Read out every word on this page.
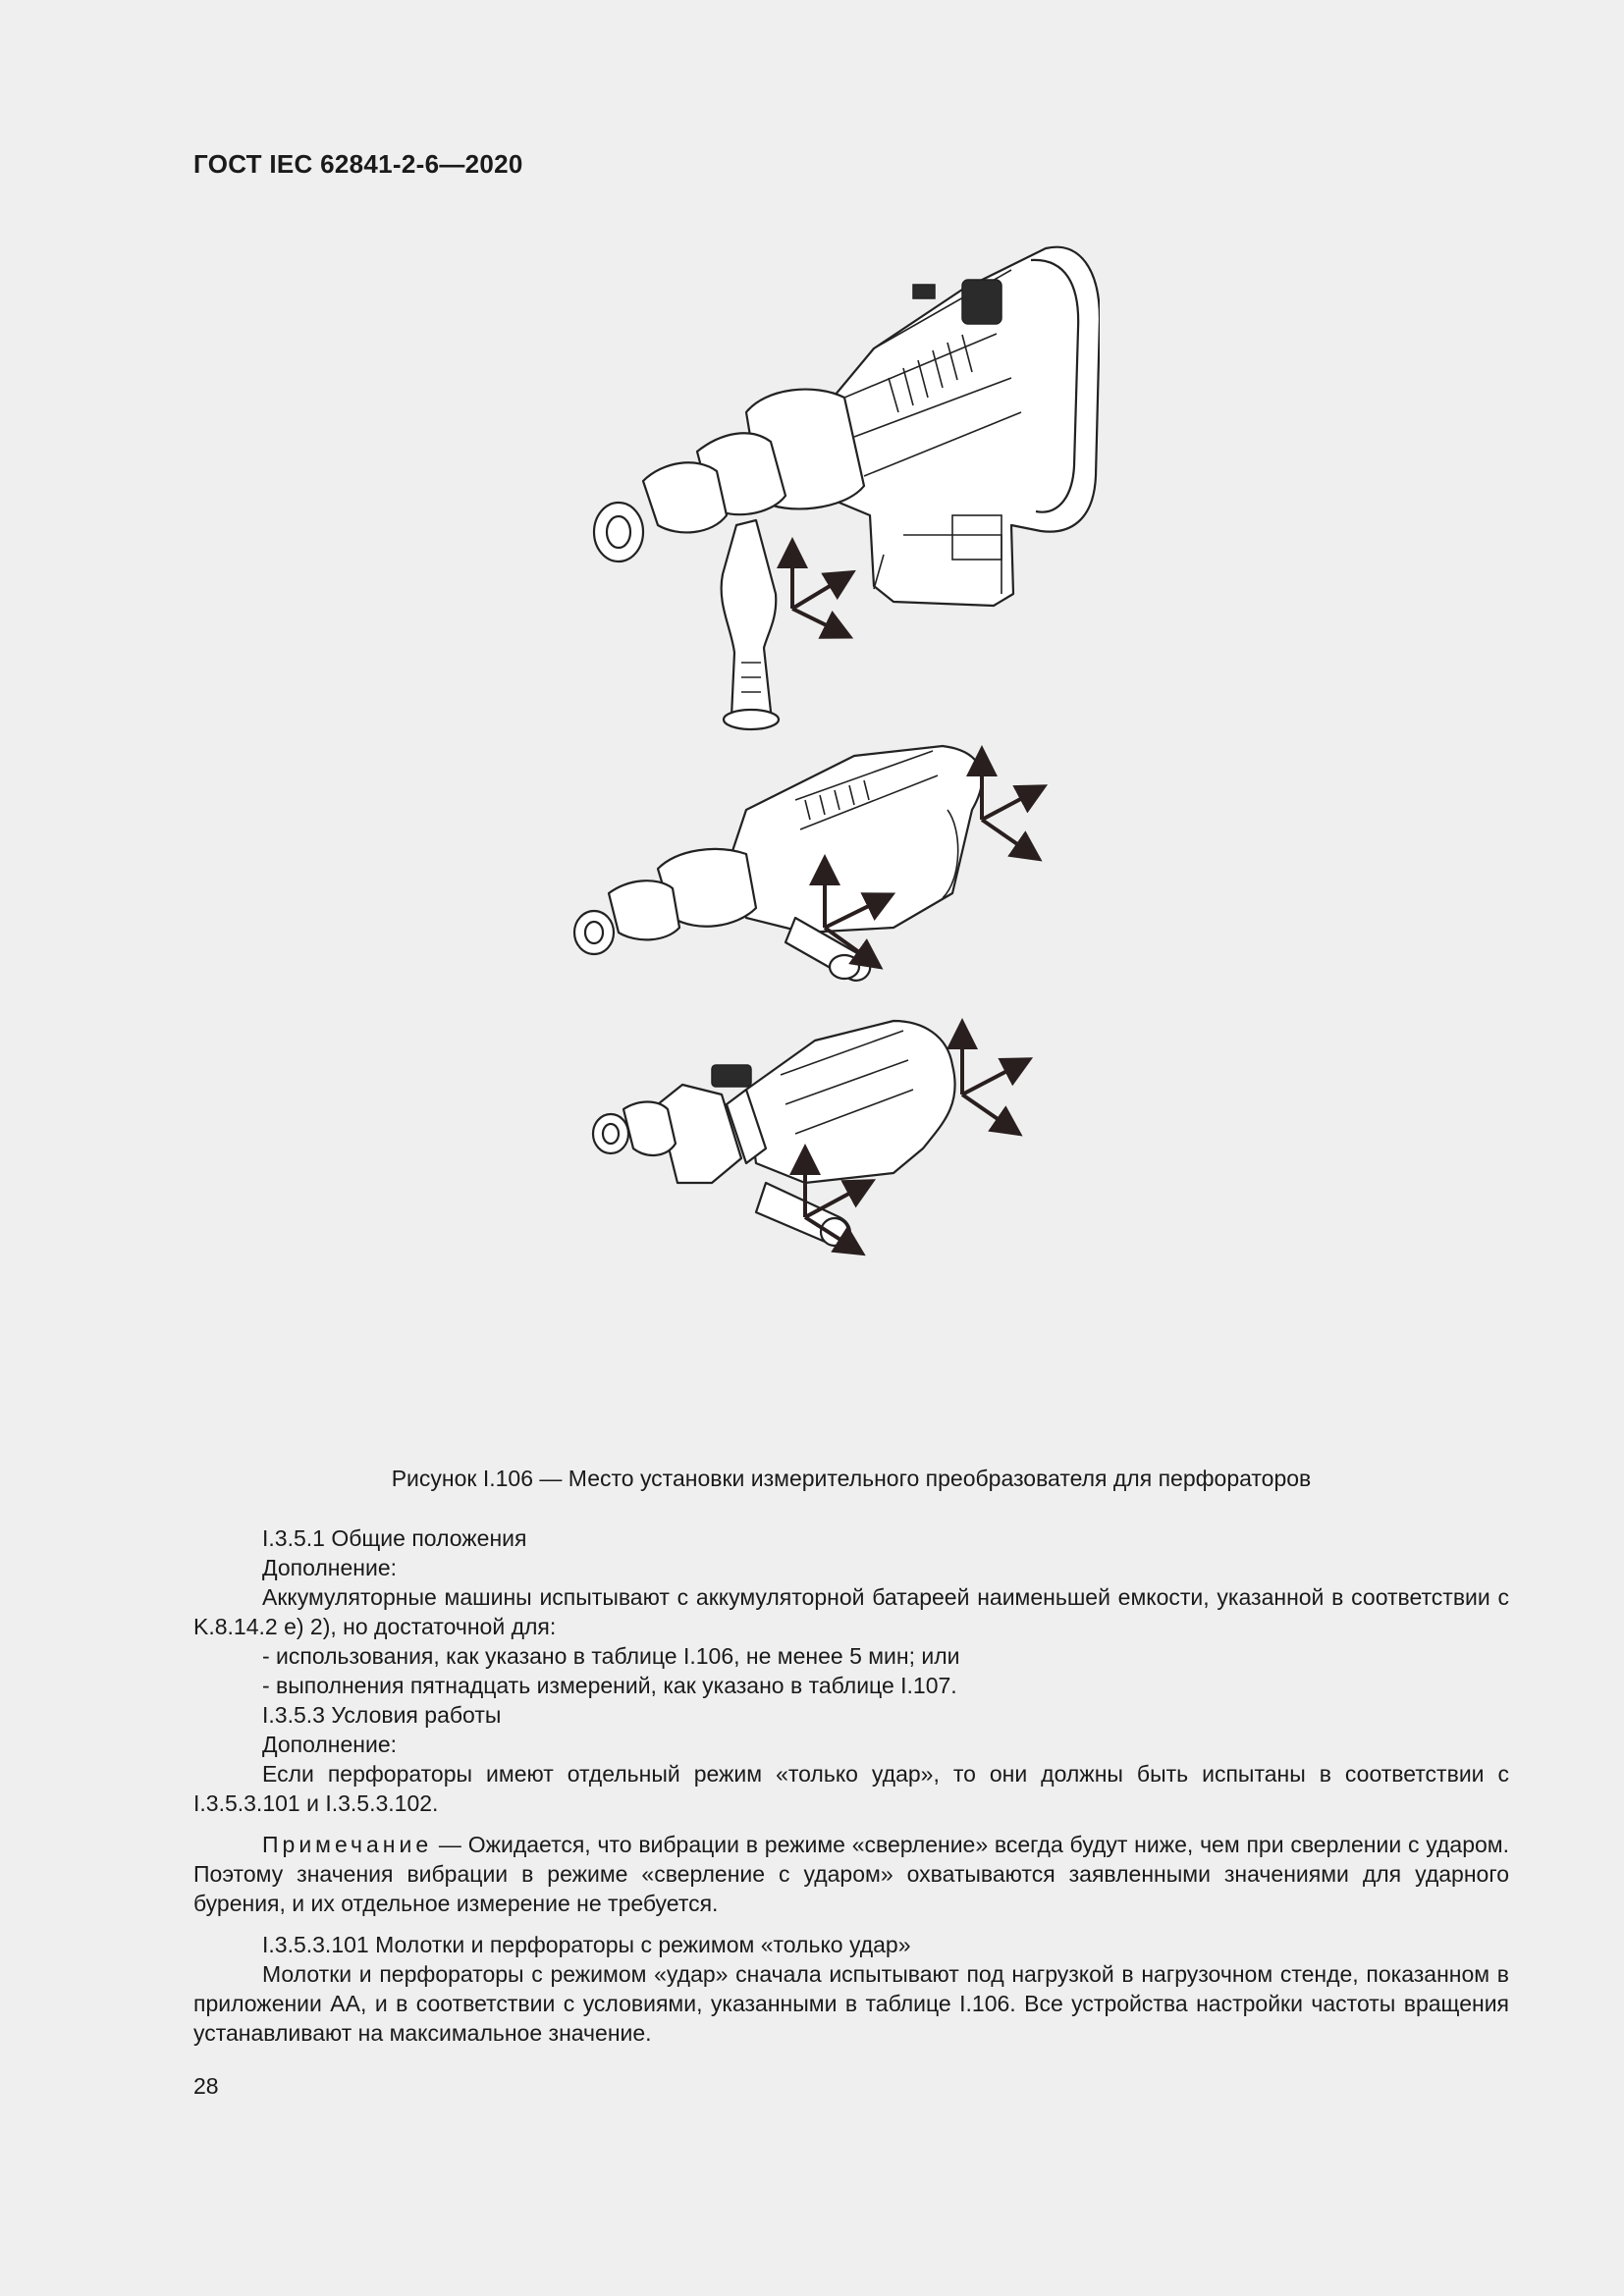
ГОСТ IEC 62841-2-6—2020
Рисунок I.106 — Место установки измерительного преобразователя для перфораторов

I.3.5.1 Общие положения

Дополнение:

Аккумуляторные машины испытывают с аккумуляторной батареей наименьшей емкости, указанной в соответствии с K.8.14.2 е) 2), но достаточной для:

- использования, как указано в таблице I.106, не менее 5 мин; или

- выполнения пятнадцать измерений, как указано в таблице I.107.

I.3.5.3 Условия работы

Дополнение:

Если перфораторы имеют отдельный режим «только удар», то они должны быть испытаны в соответствии с I.3.5.3.101 и I.3.5.3.102.

Примечание — Ожидается, что вибрации в режиме «сверление» всегда будут ниже, чем при сверлении с ударом. Поэтому значения вибрации в режиме «сверление с ударом» охватываются заявленными значениями для ударного бурения, и их отдельное измерение не требуется.

I.3.5.3.101 Молотки и перфораторы с режимом «только удар»

Молотки и перфораторы с режимом «удар» сначала испытывают под нагрузкой в нагрузочном стенде, показанном в приложении АА, и в соответствии с условиями, указанными в таблице I.106. Все устройства настройки частоты вращения устанавливают на максимальное значение.

28
